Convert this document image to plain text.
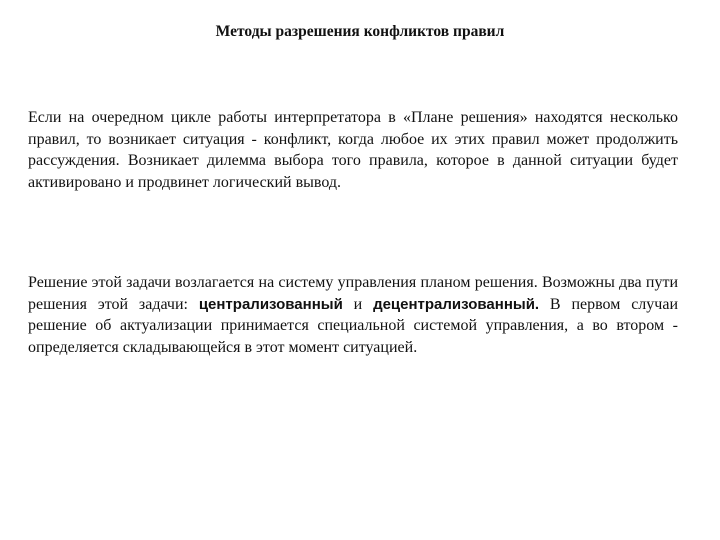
Методы разрешения конфликтов правил

Если на очередном цикле работы интерпретатора в «Плане решения» находятся несколько правил, то возникает ситуация - конфликт, когда любое их этих правил может продолжить рассуждения. Возникает дилемма выбора того правила, которое в данной ситуации будет активировано и продвинет логический вывод.

Решение этой задачи возлагается на систему управления планом решения. Возможны два пути решения этой задачи: централизованный и децентрализованный. В первом случаи решение об актуализации принимается специальной системой управления, а во втором - определяется складывающейся в этот момент ситуацией.
